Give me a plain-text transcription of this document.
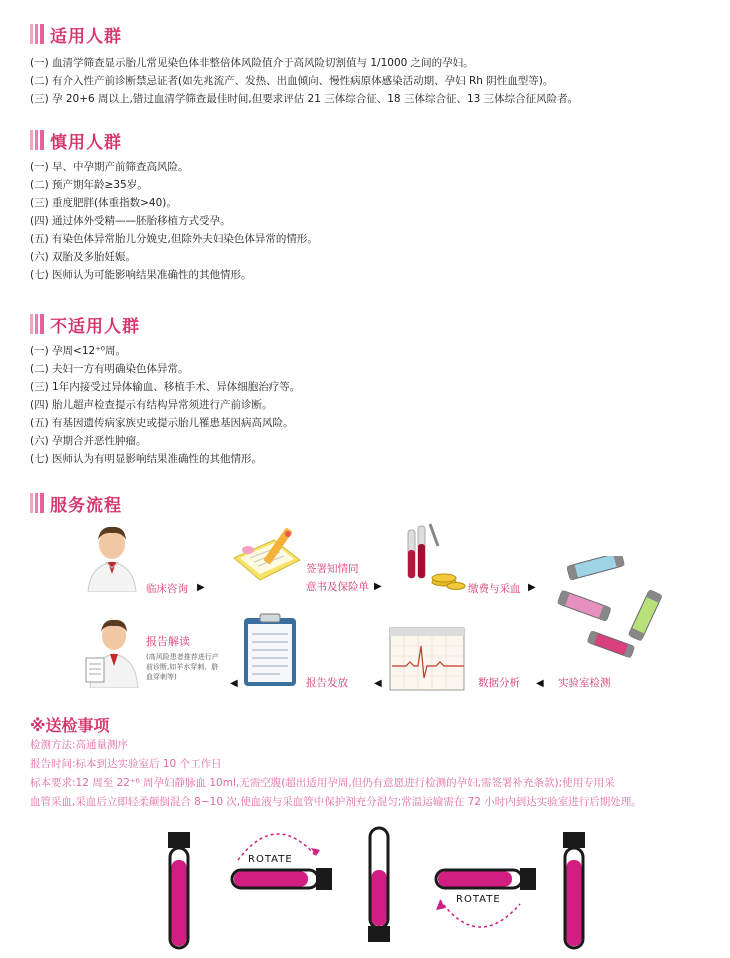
适用人群
(一) 血清学筛查显示胎儿常见染色体非整倍体风险值介于高风险切割值与 1/1000 之间的孕妇。
(二) 有介入性产前诊断禁忌证者(如先兆流产、发热、出血倾向、慢性病原体感染活动期、孕妇 Rh 阴性血型等)。
(三) 孕 20+6 周以上,错过血清学筛查最佳时间,但要求评估 21 三体综合征、18 三体综合征、13 三体综合征风险者。
慎用人群
(一) 早、中孕期产前筛查高风险。
(二) 预产期年龄≥35岁。
(三) 重度肥胖(体重指数>40)。
(四) 通过体外受精——胚胎移植方式受孕。
(五) 有染色体异常胎儿分娩史,但除外夫妇染色体异常的情形。
(六) 双胎及多胎妊娠。
(七) 医师认为可能影响结果准确性的其他情形。
不适用人群
(一) 孕周<12⁺⁰周。
(二) 夫妇一方有明确染色体异常。
(三) 1年内接受过异体输血、移植手术、异体细胞治疗等。
(四) 胎儿超声检查提示有结构异常须进行产前诊断。
(五) 有基因遗传病家族史或提示胎儿罹患基因病高风险。
(六) 孕期合并恶性肿瘤。
(七) 医师认为有明显影响结果准确性的其他情形。
服务流程
临床咨询 ▶
签署知情同
意书及保险单 ▶	缴费与采血 ▶
报告解读
(高风险患者推荐进行产前诊断,如羊水穿刺、脐血穿刺等)
◀	报告发放	◀	数据分析 ◀ 实验室检测
※送检事项

检测方法:高通量测序

报告时间:标本到达实验室后 10 个工作日

标本要求:12 周至 22⁺⁶ 周孕妇静脉血 10ml,无需空腹(超出适用孕周,但仍有意愿进行检测的孕妇,需签署补充条款);使用专用采

血管采血,采血后立即轻柔颠倒混合 8−10 次,使血液与采血管中保护剂充分混匀;常温运输需在 72 小时内到达实验室进行后期处理。

ROTATE
ROTATE
